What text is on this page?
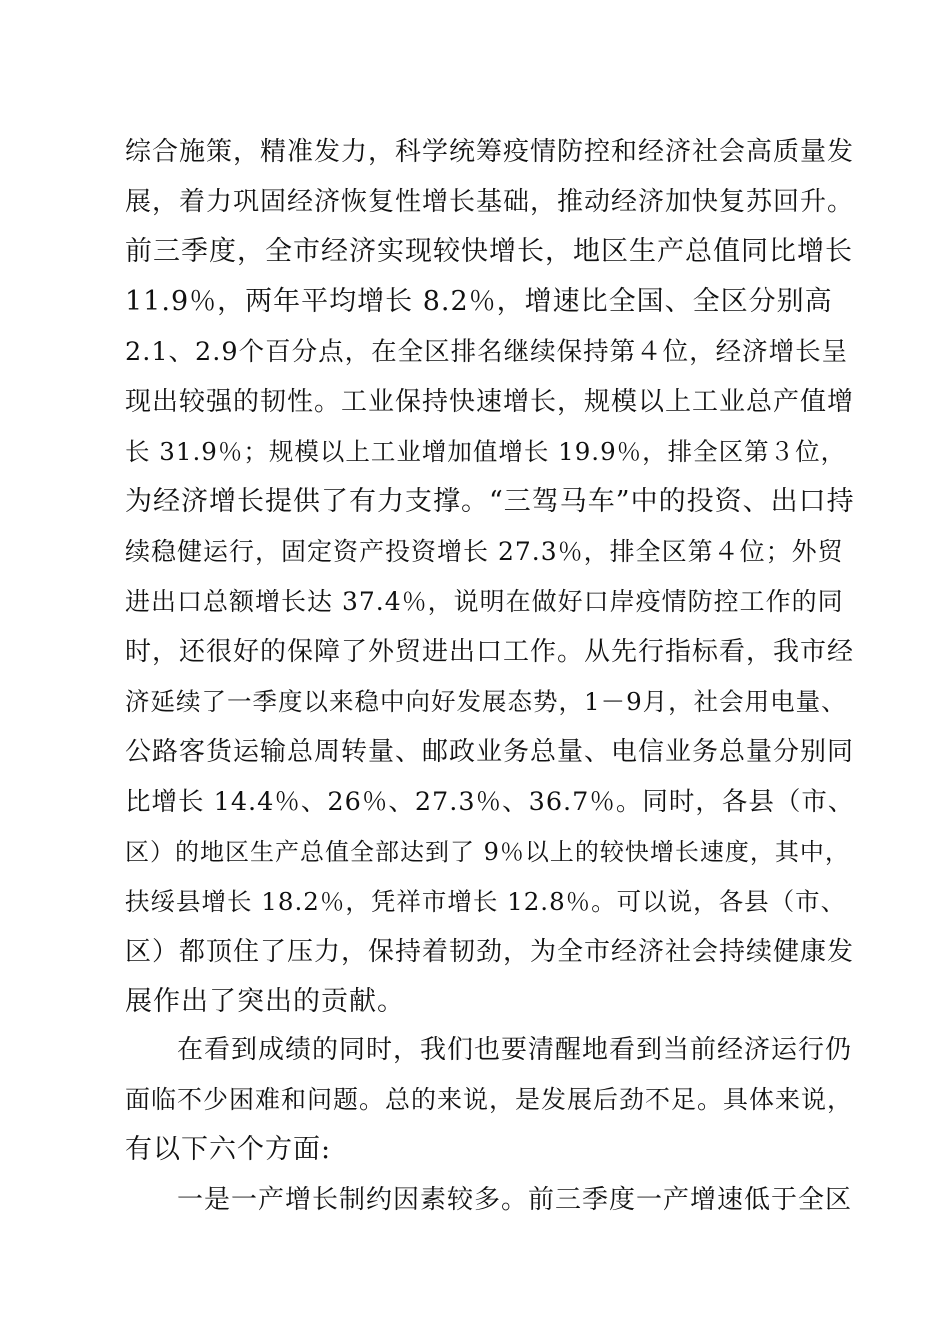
综合施策，精准发力，科学统筹疫情防控和经济社会高质量发
展，着力巩固经济恢复性增长基础，推动经济加快复苏回升。
前三季度，全市经济实现较快增长，地区生产总值同比增长
11.9％，两年平均增长 8.2％，增速比全国、全区分别高
2.1、2.9个百分点，在全区排名继续保持第４位，经济增长呈
现出较强的韧性。工业保持快速增长，规模以上工业总产值增
长 31.9％；规模以上工业增加值增长 19.9％，排全区第３位，
为经济增长提供了有力支撑。“三驾马车”中的投资、出口持
续稳健运行，固定资产投资增长 27.3％，排全区第４位；外贸
进出口总额增长达 37.4％，说明在做好口岸疫情防控工作的同
时，还很好的保障了外贸进出口工作。从先行指标看，我市经
济延续了一季度以来稳中向好发展态势，1－9月，社会用电量、
公路客货运输总周转量、邮政业务总量、电信业务总量分别同
比增长 14.4％、26％、27.3％、36.7％。同时，各县（市、
区）的地区生产总值全部达到了 9％以上的较快增长速度，其中，
扶绥县增长 18.2％，凭祥市增长 12.8％。可以说，各县（市、
区）都顶住了压力，保持着韧劲，为全市经济社会持续健康发
展作出了突出的贡献。
在看到成绩的同时，我们也要清醒地看到当前经济运行仍
面临不少困难和问题。总的来说，是发展后劲不足。具体来说，
有以下六个方面:
一是一产增长制约因素较多。前三季度一产增速低于全区
